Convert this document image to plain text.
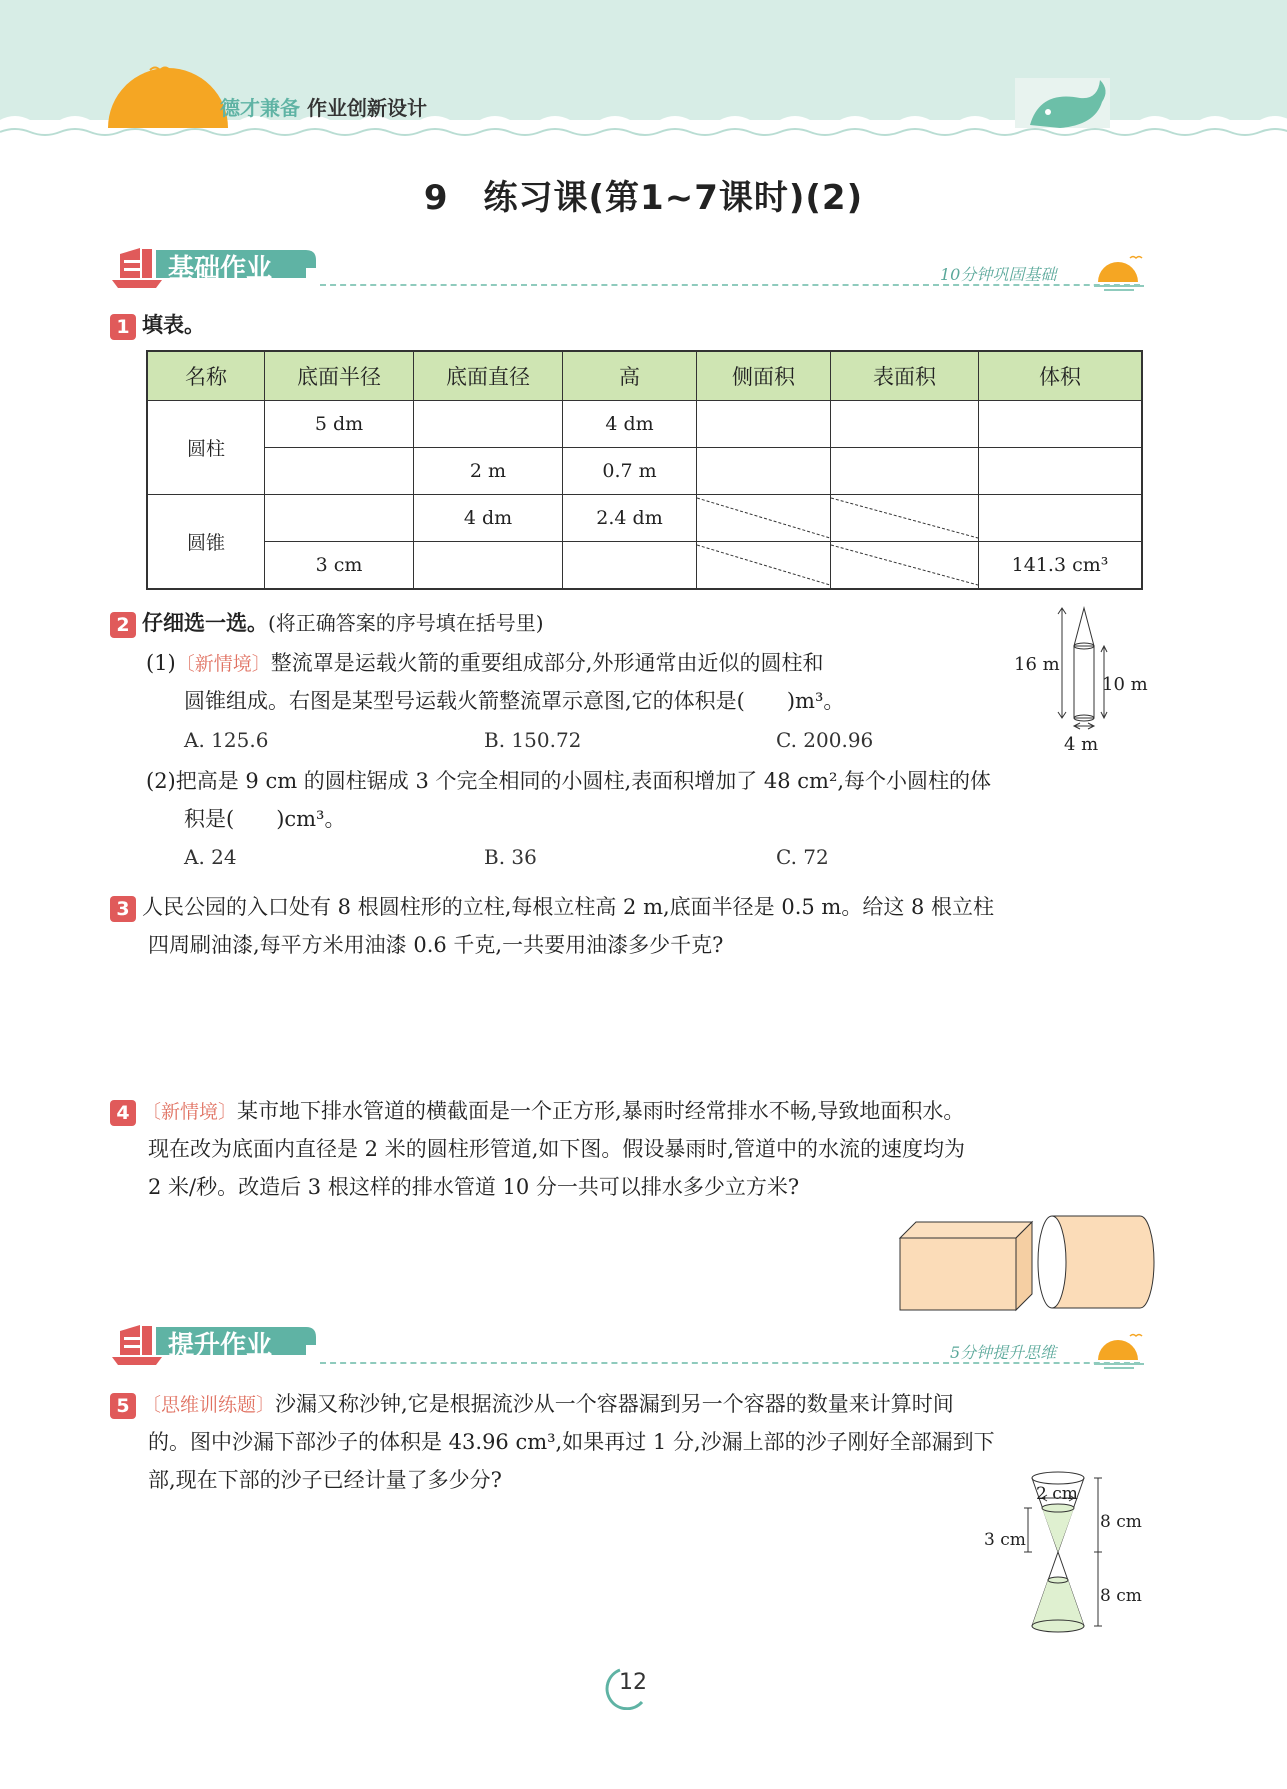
德才兼备 作业创新设计
9　练习课(第1~7课时)(2)
基础作业	10分钟巩固基础
1 填表。
名称	底面半径	底面直径	高	侧面积	表面积	体积
圆柱	5 dm		4 dm			
		2 m	0.7 m			
圆锥		4 dm	2.4 dm	

	3 cm					141.3 cm³
2 仔细选一选。(将正确答案的序号填在括号里)
(1)〔新情境〕整流罩是运载火箭的重要组成部分,外形通常由近似的圆柱和
圆锥组成。右图是某型号运载火箭整流罩示意图,它的体积是(　　)m³。
A. 125.6	B. 150.72	C. 200.96
16 m
10 m
4 m
(2)把高是 9 cm 的圆柱锯成 3 个完全相同的小圆柱,表面积增加了 48 cm²,每个小圆柱的体
积是(　　)cm³。
A. 24	B. 36	C. 72
3 人民公园的入口处有 8 根圆柱形的立柱,每根立柱高 2 m,底面半径是 0.5 m。给这 8 根立柱
四周刷油漆,每平方米用油漆 0.6 千克,一共要用油漆多少千克?
4 〔新情境〕某市地下排水管道的横截面是一个正方形,暴雨时经常排水不畅,导致地面积水。
现在改为底面内直径是 2 米的圆柱形管道,如下图。假设暴雨时,管道中的水流的速度均为
2 米/秒。改造后 3 根这样的排水管道 10 分一共可以排水多少立方米?
提升作业	5分钟提升思维
5 〔思维训练题〕沙漏又称沙钟,它是根据流沙从一个容器漏到另一个容器的数量来计算时间
的。图中沙漏下部沙子的体积是 43.96 cm³,如果再过 1 分,沙漏上部的沙子刚好全部漏到下
部,现在下部的沙子已经计量了多少分?
2 cm
3 cm
8 cm
8 cm
12
